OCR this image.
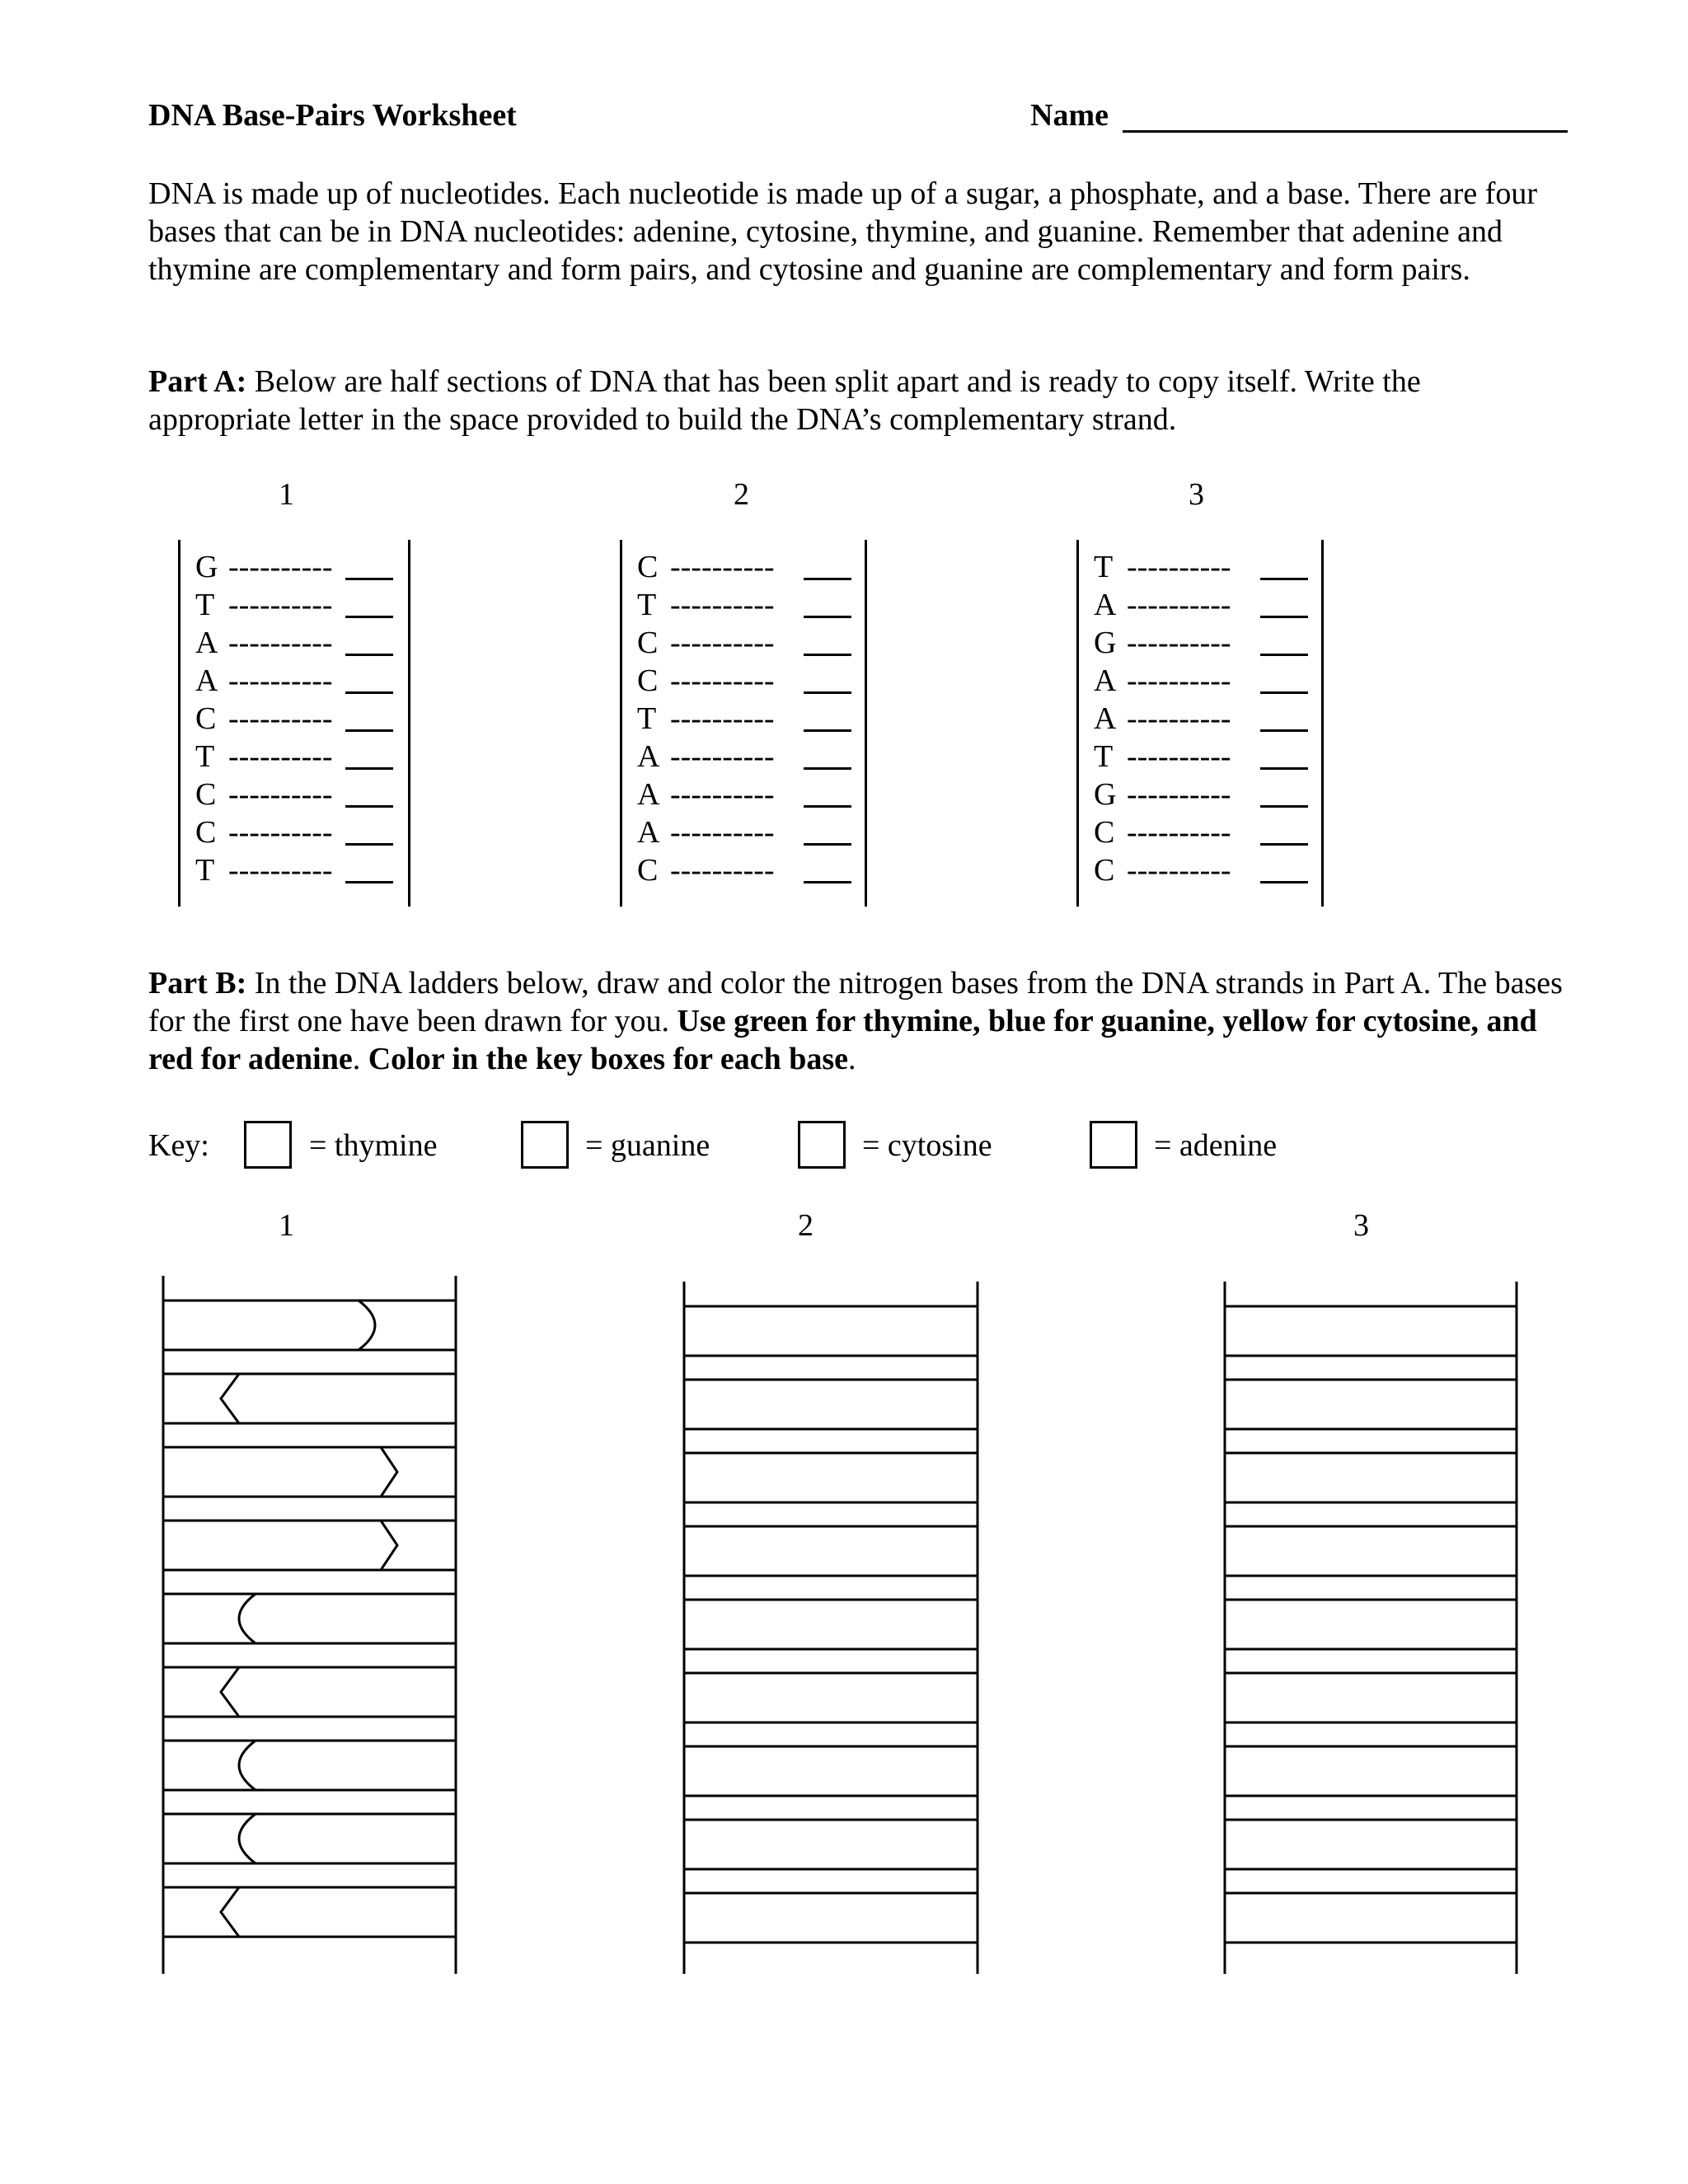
DNA Base-Pairs Worksheet	Name
DNA is made up of nucleotides. Each nucleotide is made up of a sugar, a phosphate, and a base. There are four bases that can be in DNA nucleotides: adenine, cytosine, thymine, and guanine. Remember that adenine and thymine are complementary and form pairs, and cytosine and guanine are complementary and form pairs.
Part A: Below are half sections of DNA that has been split apart and is ready to copy itself. Write the appropriate letter in the space provided to build the DNA’s complementary strand.
1	2	3
G ----------
T ----------
A ----------
A ----------
C ----------
T ----------
C ----------
C ----------
T ----------
C ----------
T ----------
C ----------
C ----------
T ----------
A ----------
A ----------
A ----------
C ----------
T ----------
A ----------
G ----------
A ----------
A ----------
T ----------
G ----------
C ----------
C ----------
Part B: In the DNA ladders below, draw and color the nitrogen bases from the DNA strands in Part A. The bases for the first one have been drawn for you. Use green for thymine, blue for guanine, yellow for cytosine, and red for adenine. Color in the key boxes for each base.
Key:	= thymine	= guanine	= cytosine	= adenine
1	2	3
